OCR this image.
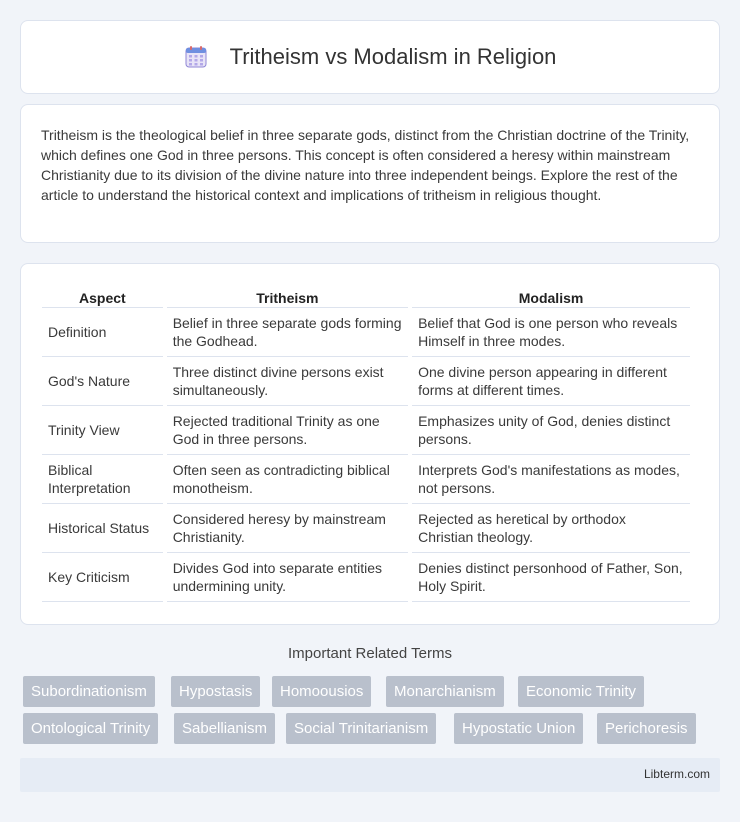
Tritheism vs Modalism in Religion

Tritheism is the theological belief in three separate gods, distinct from the Christian doctrine of the Trinity, which defines one God in three persons. This concept is often considered a heresy within mainstream Christianity due to its division of the divine nature into three independent beings. Explore the rest of the article to understand the historical context and implications of tritheism in religious thought.

Aspect	Tritheism	Modalism
Definition	Belief in three separate gods forming the Godhead.	Belief that God is one person who reveals Himself in three modes.
God's Nature	Three distinct divine persons exist simultaneously.	One divine person appearing in different forms at different times.
Trinity View	Rejected traditional Trinity as one God in three persons.	Emphasizes unity of God, denies distinct persons.
Biblical Interpretation	Often seen as contradicting biblical monotheism.	Interprets God's manifestations as modes, not persons.
Historical Status	Considered heresy by mainstream Christianity.	Rejected as heretical by orthodox Christian theology.
Key Criticism	Divides God into separate entities undermining unity.	Denies distinct personhood of Father, Son, Holy Spirit.
Important Related Terms
Subordinationism	Hypostasis	Homoousios	Monarchianism	Economic Trinity
Ontological Trinity	Sabellianism	Social Trinitarianism	Hypostatic Union	Perichoresis
Libterm.com
